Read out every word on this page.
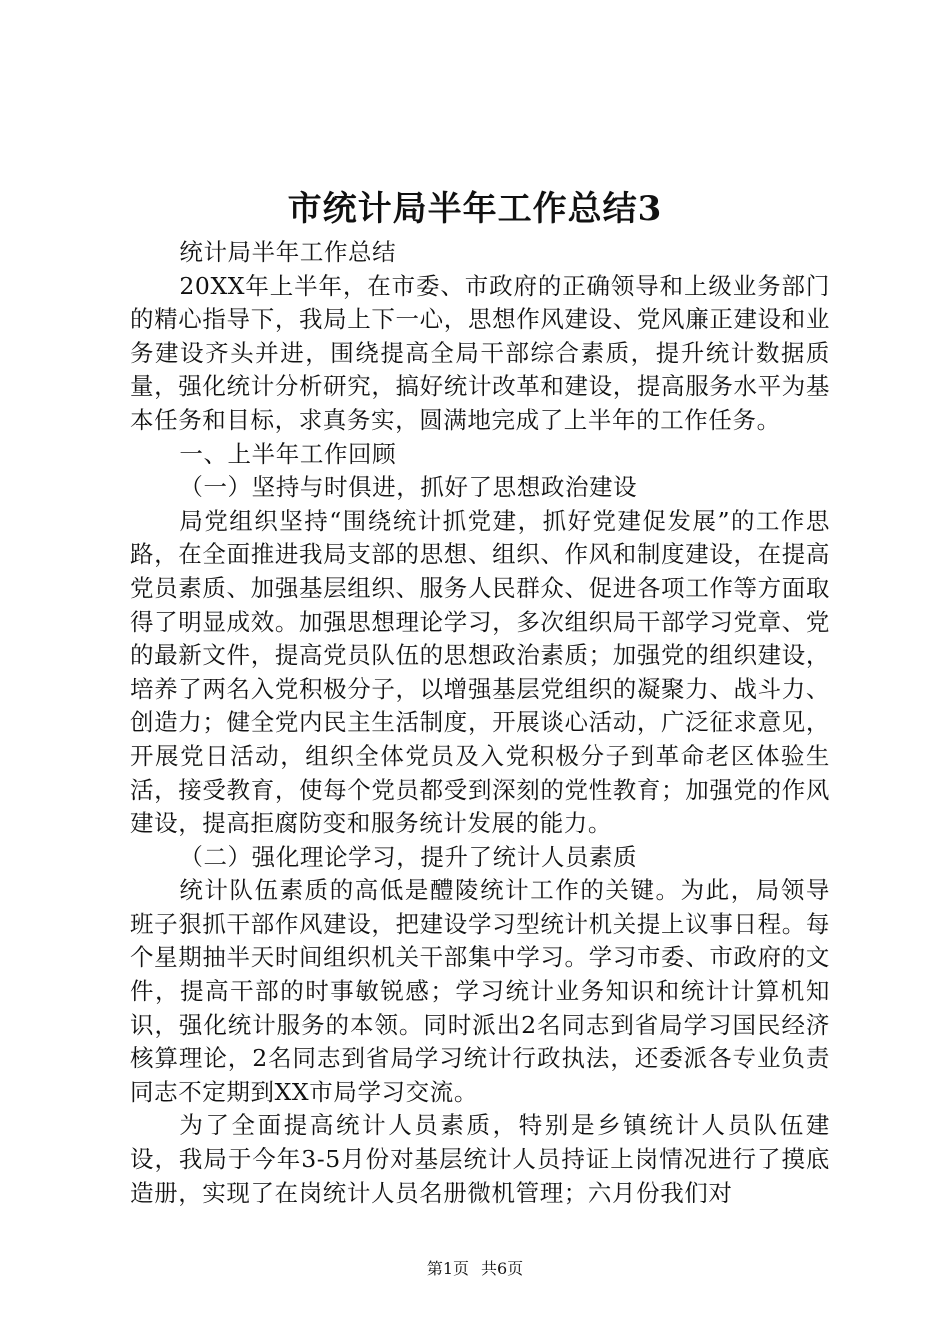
市统计局半年工作总结3

统计局半年工作总结

20XX年上半年，在市委、市政府的正确领导和上级业务部门的精心指导下，我局上下一心，思想作风建设、党风廉正建设和业务建设齐头并进，围绕提高全局干部综合素质，提升统计数据质量，强化统计分析研究，搞好统计改革和建设，提高服务水平为基本任务和目标，求真务实，圆满地完成了上半年的工作任务。

一、上半年工作回顾

（一）坚持与时俱进，抓好了思想政治建设

局党组织坚持“围绕统计抓党建，抓好党建促发展”的工作思路，在全面推进我局支部的思想、组织、作风和制度建设，在提高党员素质、加强基层组织、服务人民群众、促进各项工作等方面取得了明显成效。加强思想理论学习，多次组织局干部学习党章、党的最新文件，提高党员队伍的思想政治素质；加强党的组织建设，培养了两名入党积极分子，以增强基层党组织的凝聚力、战斗力、创造力；健全党内民主生活制度，开展谈心活动，广泛征求意见，开展党日活动，组织全体党员及入党积极分子到革命老区体验生活，接受教育，使每个党员都受到深刻的党性教育；加强党的作风建设，提高拒腐防变和服务统计发展的能力。

（二）强化理论学习，提升了统计人员素质

统计队伍素质的高低是醴陵统计工作的关键。为此，局领导班子狠抓干部作风建设，把建设学习型统计机关提上议事日程。每个星期抽半天时间组织机关干部集中学习。学习市委、市政府的文件，提高干部的时事敏锐感；学习统计业务知识和统计计算机知识，强化统计服务的本领。同时派出2名同志到省局学习国民经济核算理论，2名同志到省局学习统计行政执法，还委派各专业负责同志不定期到XX市局学习交流。

为了全面提高统计人员素质，特别是乡镇统计人员队伍建设，我局于今年3-5月份对基层统计人员持证上岗情况进行了摸底造册，实现了在岗统计人员名册微机管理；六月份我们对

第1页 共6页
